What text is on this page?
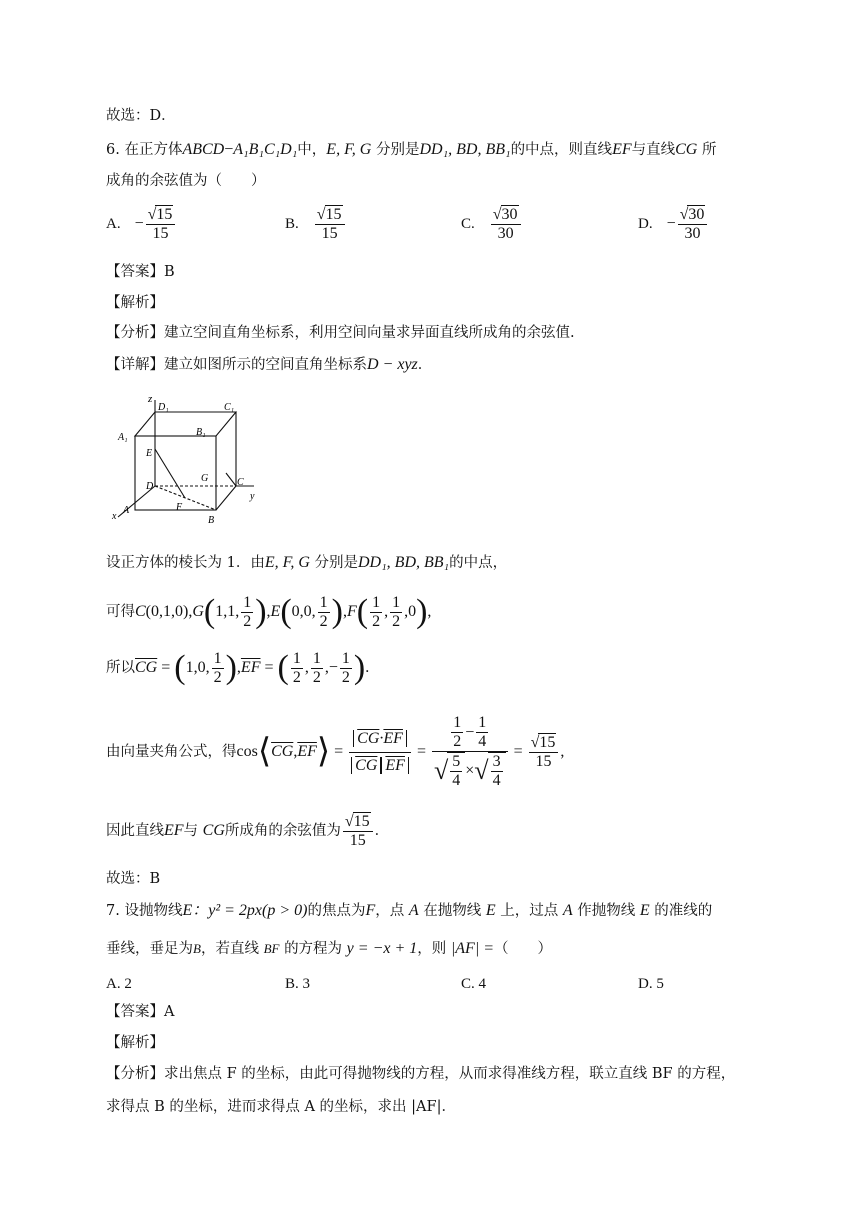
故选：D．
6. 在正方体ABCD−A₁B₁C₁D₁中，E, F, G 分别是DD₁, BD, BB₁的中点，则直线EF与直线CG 所
成角的余弦值为（　　）
A. − $\frac{√15}{15}$	B. $\frac{√15}{15}$	C. $\frac{√30}{30}$	D. − $\frac{√30}{30}$
【答案】B
【解析】
【分析】建立空间直角坐标系，利用空间向量求异面直线所成角的余弦值.
【详解】建立如图所示的空间直角坐标系D − xyz．
z
D₁	C₁
A₁	B₁
E
G
D	C
y
A	F
B
x
设正方体的棱长为 1．由E, F, G 分别是DD₁, BD, BB₁的中点，
可得 C (0,1,0), G ( 1,1, $\frac{1}{2}$ ) , E ( 0,0, $\frac{1}{2}$ ) , F ( $\frac{1}{2}$ , $\frac{1}{2} ,0$ ) ,
所以 $\overline{CG}$ = ( 1,0, $\frac{1}{2}$ ) , $\overline{EF}$ = ( $\frac{1}{2}$ , $\frac{1}{2}$ ,− $\frac{1}{2}$ ) .
由向量夹角公式，得 cos ⟨ $\overline{CG}$ , $\overline{EF}$ ⟩ = $\frac{\overline{CG}\cdot\overline{EF}}{\overline{CG} \overline{EF}} = \frac{\frac{1}{2} - \frac{1}{4}}{√ \frac{5}{4} \times √ \frac{3}{4}} = \frac{√15}{15}$ ,
因此直线 EF 与
CG 所成角的余弦值为 $\frac{√15}{15}$ ．
故选：B
7. 设抛物线E：y² = 2px(p > 0)的焦点为F，点 A 在抛物线 E 上，过点 A 作抛物线 E 的准线的
垂线，垂足为B，若直线 BF 的方程为 y = −x + 1，则 |AF| =（　　）
A. 2	B. 3	C. 4	D. 5
【答案】A
【解析】
【分析】求出焦点 F 的坐标，由此可得抛物线的方程，从而求得准线方程，联立直线 BF 的方程，
求得点 B 的坐标，进而求得点 A 的坐标，求出 |AF|．
